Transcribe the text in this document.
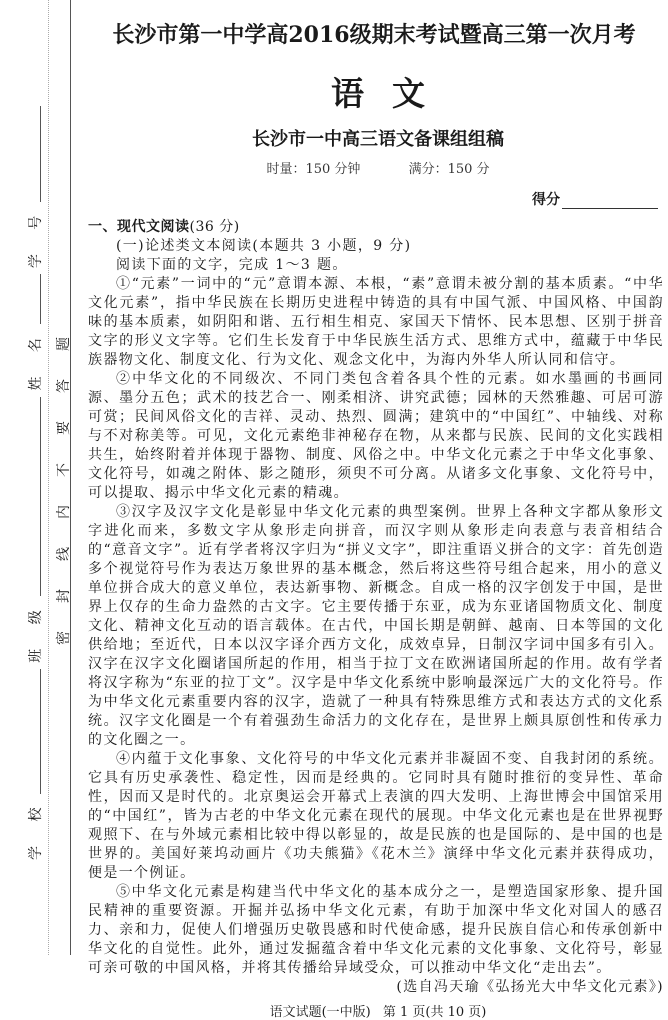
学 校
班 级
姓 名
学 号
密封线内不要答题
长沙市第一中学高2016级期末考试暨高三第一次月考
语 文
长沙市一中高三语文备课组组稿
时量：150 分钟	满分：150 分
得分

一、现代文阅读(36 分)

(一)论述类文本阅读(本题共 3 小题，9 分)

阅读下面的文字，完成 1～3 题。

①“元素”一词中的“元”意谓本源、本根，“素”意谓未被分割的基本质素。“中华文化元素”，指中华民族在长期历史进程中铸造的具有中国气派、中国风格、中国韵味的基本质素，如阴阳和谐、五行相生相克、家国天下情怀、民本思想、区别于拼音文字的形义文字等。它们生长发育于中华民族生活方式、思维方式中，蕴藏于中华民族器物文化、制度文化、行为文化、观念文化中，为海内外华人所认同和信守。

②中华文化的不同级次、不同门类包含着各具个性的元素。如水墨画的书画同源、墨分五色；武术的技艺合一、刚柔相济、讲究武德；园林的天然雅趣、可居可游可赏；民间风俗文化的吉祥、灵动、热烈、圆满；建筑中的“中国红”、中轴线、对称与不对称美等。可见，文化元素绝非神秘存在物，从来都与民族、民间的文化实践相共生，始终附着并体现于器物、制度、风俗之中。中华文化元素之于中华文化事象、文化符号，如魂之附体、影之随形，须臾不可分离。从诸多文化事象、文化符号中，可以提取、揭示中华文化元素的精魂。

③汉字及汉字文化是彰显中华文化元素的典型案例。世界上各种文字都从象形文字进化而来，多数文字从象形走向拼音，而汉字则从象形走向表意与表音相结合的“意音文字”。近有学者将汉字归为“拼义文字”，即注重语义拼合的文字：首先创造多个视觉符号作为表达万象世界的基本概念，然后将这些符号组合起来，用小的意义单位拼合成大的意义单位，表达新事物、新概念。自成一格的汉字创发于中国，是世界上仅存的生命力盎然的古文字。它主要传播于东亚，成为东亚诸国物质文化、制度文化、精神文化互动的语言载体。在古代，中国长期是朝鲜、越南、日本等国的文化供给地；至近代，日本以汉字译介西方文化，成效卓异，日制汉字词中国多有引入。汉字在汉字文化圈诸国所起的作用，相当于拉丁文在欧洲诸国所起的作用。故有学者将汉字称为“东亚的拉丁文”。汉字是中华文化系统中影响最深远广大的文化符号。作为中华文化元素重要内容的汉字，造就了一种具有特殊思维方式和表达方式的文化系统。汉字文化圈是一个有着强劲生命活力的文化存在，是世界上颇具原创性和传承力的文化圈之一。

④内蕴于文化事象、文化符号的中华文化元素并非凝固不变、自我封闭的系统。它具有历史承袭性、稳定性，因而是经典的。它同时具有随时推衍的变异性、革命性，因而又是时代的。北京奥运会开幕式上表演的四大发明、上海世博会中国馆采用的“中国红”，皆为古老的中华文化元素在现代的展现。中华文化元素也是在世界视野观照下、在与外域元素相比较中得以彰显的，故是民族的也是国际的、是中国的也是世界的。美国好莱坞动画片《功夫熊猫》《花木兰》演绎中华文化元素并获得成功，便是一个例证。

⑤中华文化元素是构建当代中华文化的基本成分之一，是塑造国家形象、提升国民精神的重要资源。开掘并弘扬中华文化元素，有助于加深中华文化对国人的感召力、亲和力，促使人们增强历史敬畏感和时代使命感，提升民族自信心和传承创新中华文化的自觉性。此外，通过发掘蕴含着中华文化元素的文化事象、文化符号，彰显可亲可敬的中国风格，并将其传播给异域受众，可以推动中华文化“走出去”。

(选自冯天瑜《弘扬光大中华文化元素》)

语文试题(一中版) 第 1 页(共 10 页)
